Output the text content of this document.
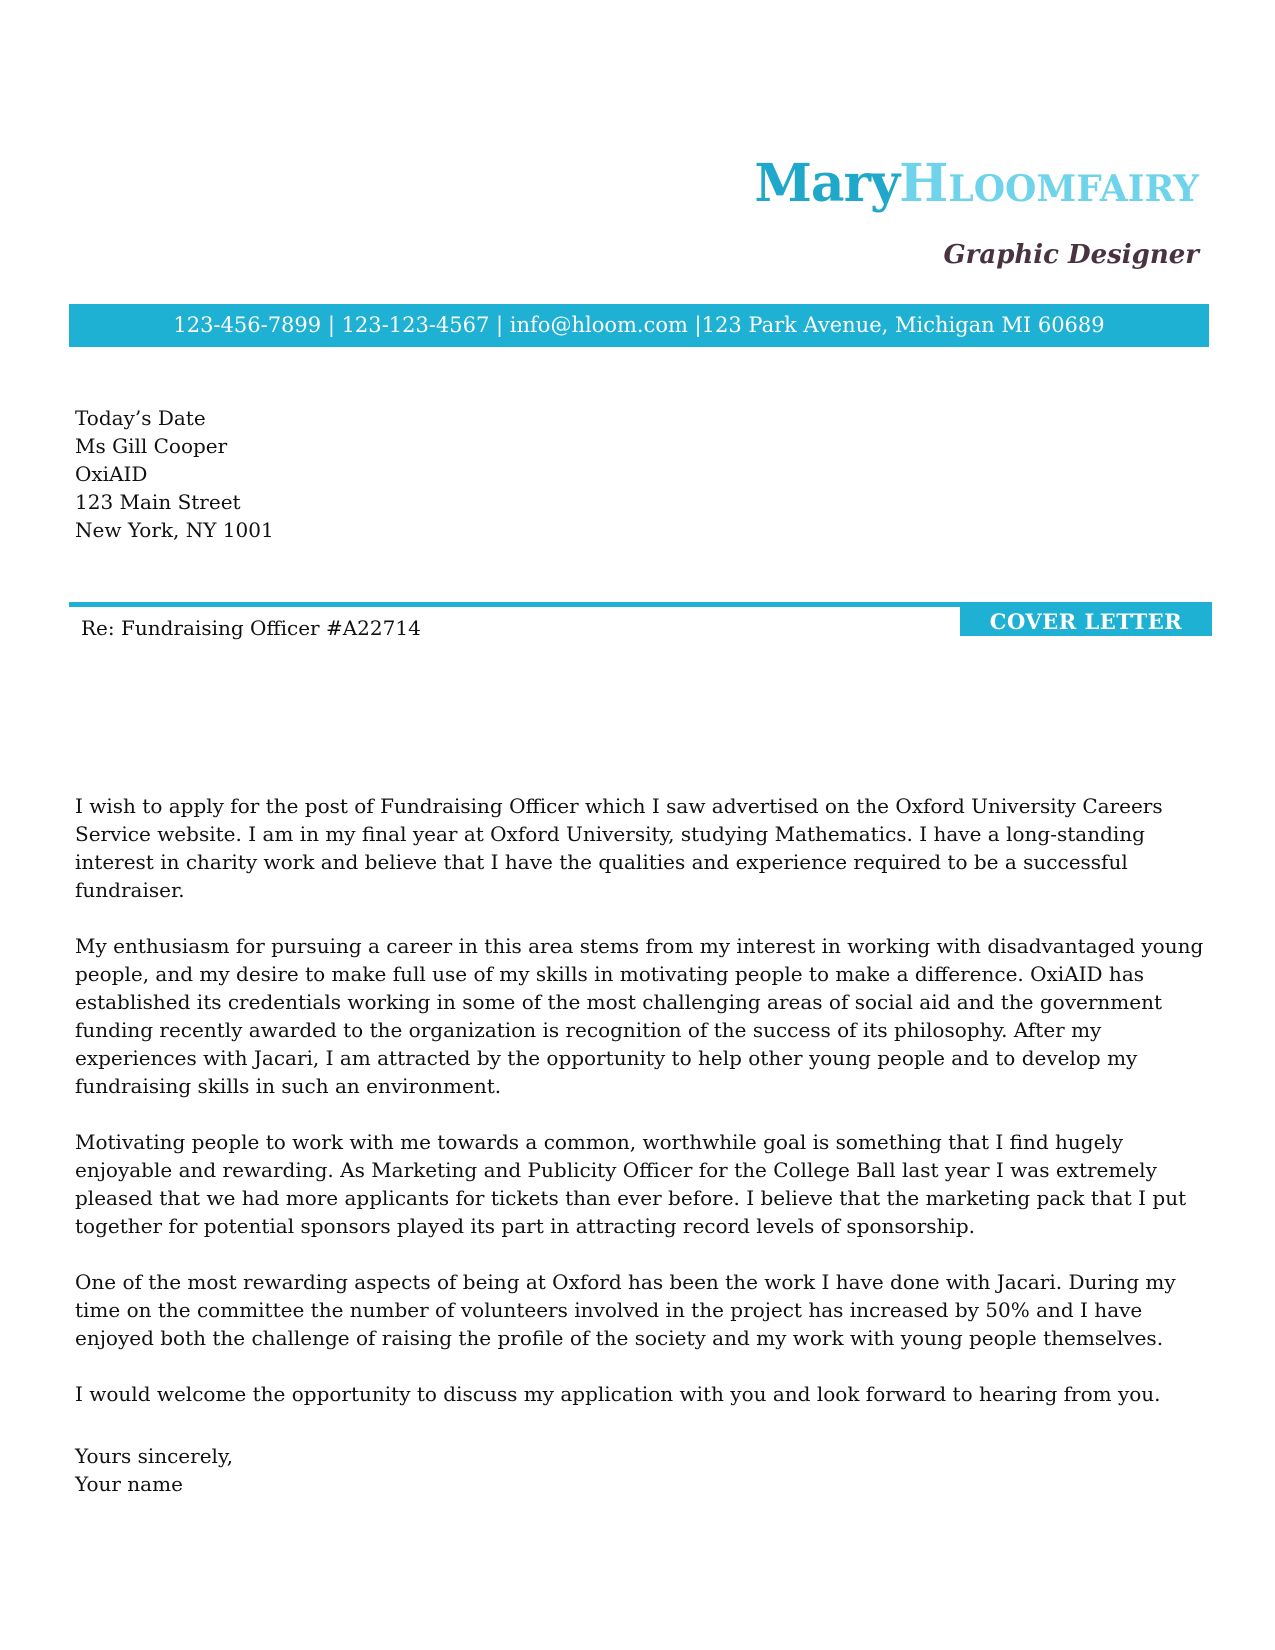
MaryHloomfairy
Graphic Designer
123-456-7899 | 123-123-4567 | info@hloom.com |123 Park Avenue, Michigan MI 60689
Today’s Date
Ms Gill Cooper
OxiAID
123 Main Street
New York, NY 1001
COVER LETTER
Re: Fundraising Officer #A22714

I wish to apply for the post of Fundraising Officer which I saw advertised on the Oxford University Careers Service website. I am in my final year at Oxford University, studying Mathematics. I have a long-standing interest in charity work and believe that I have the qualities and experience required to be a successful fundraiser.

My enthusiasm for pursuing a career in this area stems from my interest in working with disadvantaged young people, and my desire to make full use of my skills in motivating people to make a difference. OxiAID has established its credentials working in some of the most challenging areas of social aid and the government funding recently awarded to the organization is recognition of the success of its philosophy. After my experiences with Jacari, I am attracted by the opportunity to help other young people and to develop my fundraising skills in such an environment.

Motivating people to work with me towards a common, worthwhile goal is something that I find hugely enjoyable and rewarding. As Marketing and Publicity Officer for the College Ball last year I was extremely pleased that we had more applicants for tickets than ever before. I believe that the marketing pack that I put together for potential sponsors played its part in attracting record levels of sponsorship.

One of the most rewarding aspects of being at Oxford has been the work I have done with Jacari. During my time on the committee the number of volunteers involved in the project has increased by 50% and I have enjoyed both the challenge of raising the profile of the society and my work with young people themselves.

I would welcome the opportunity to discuss my application with you and look forward to hearing from you.

Yours sincerely,
Your name
